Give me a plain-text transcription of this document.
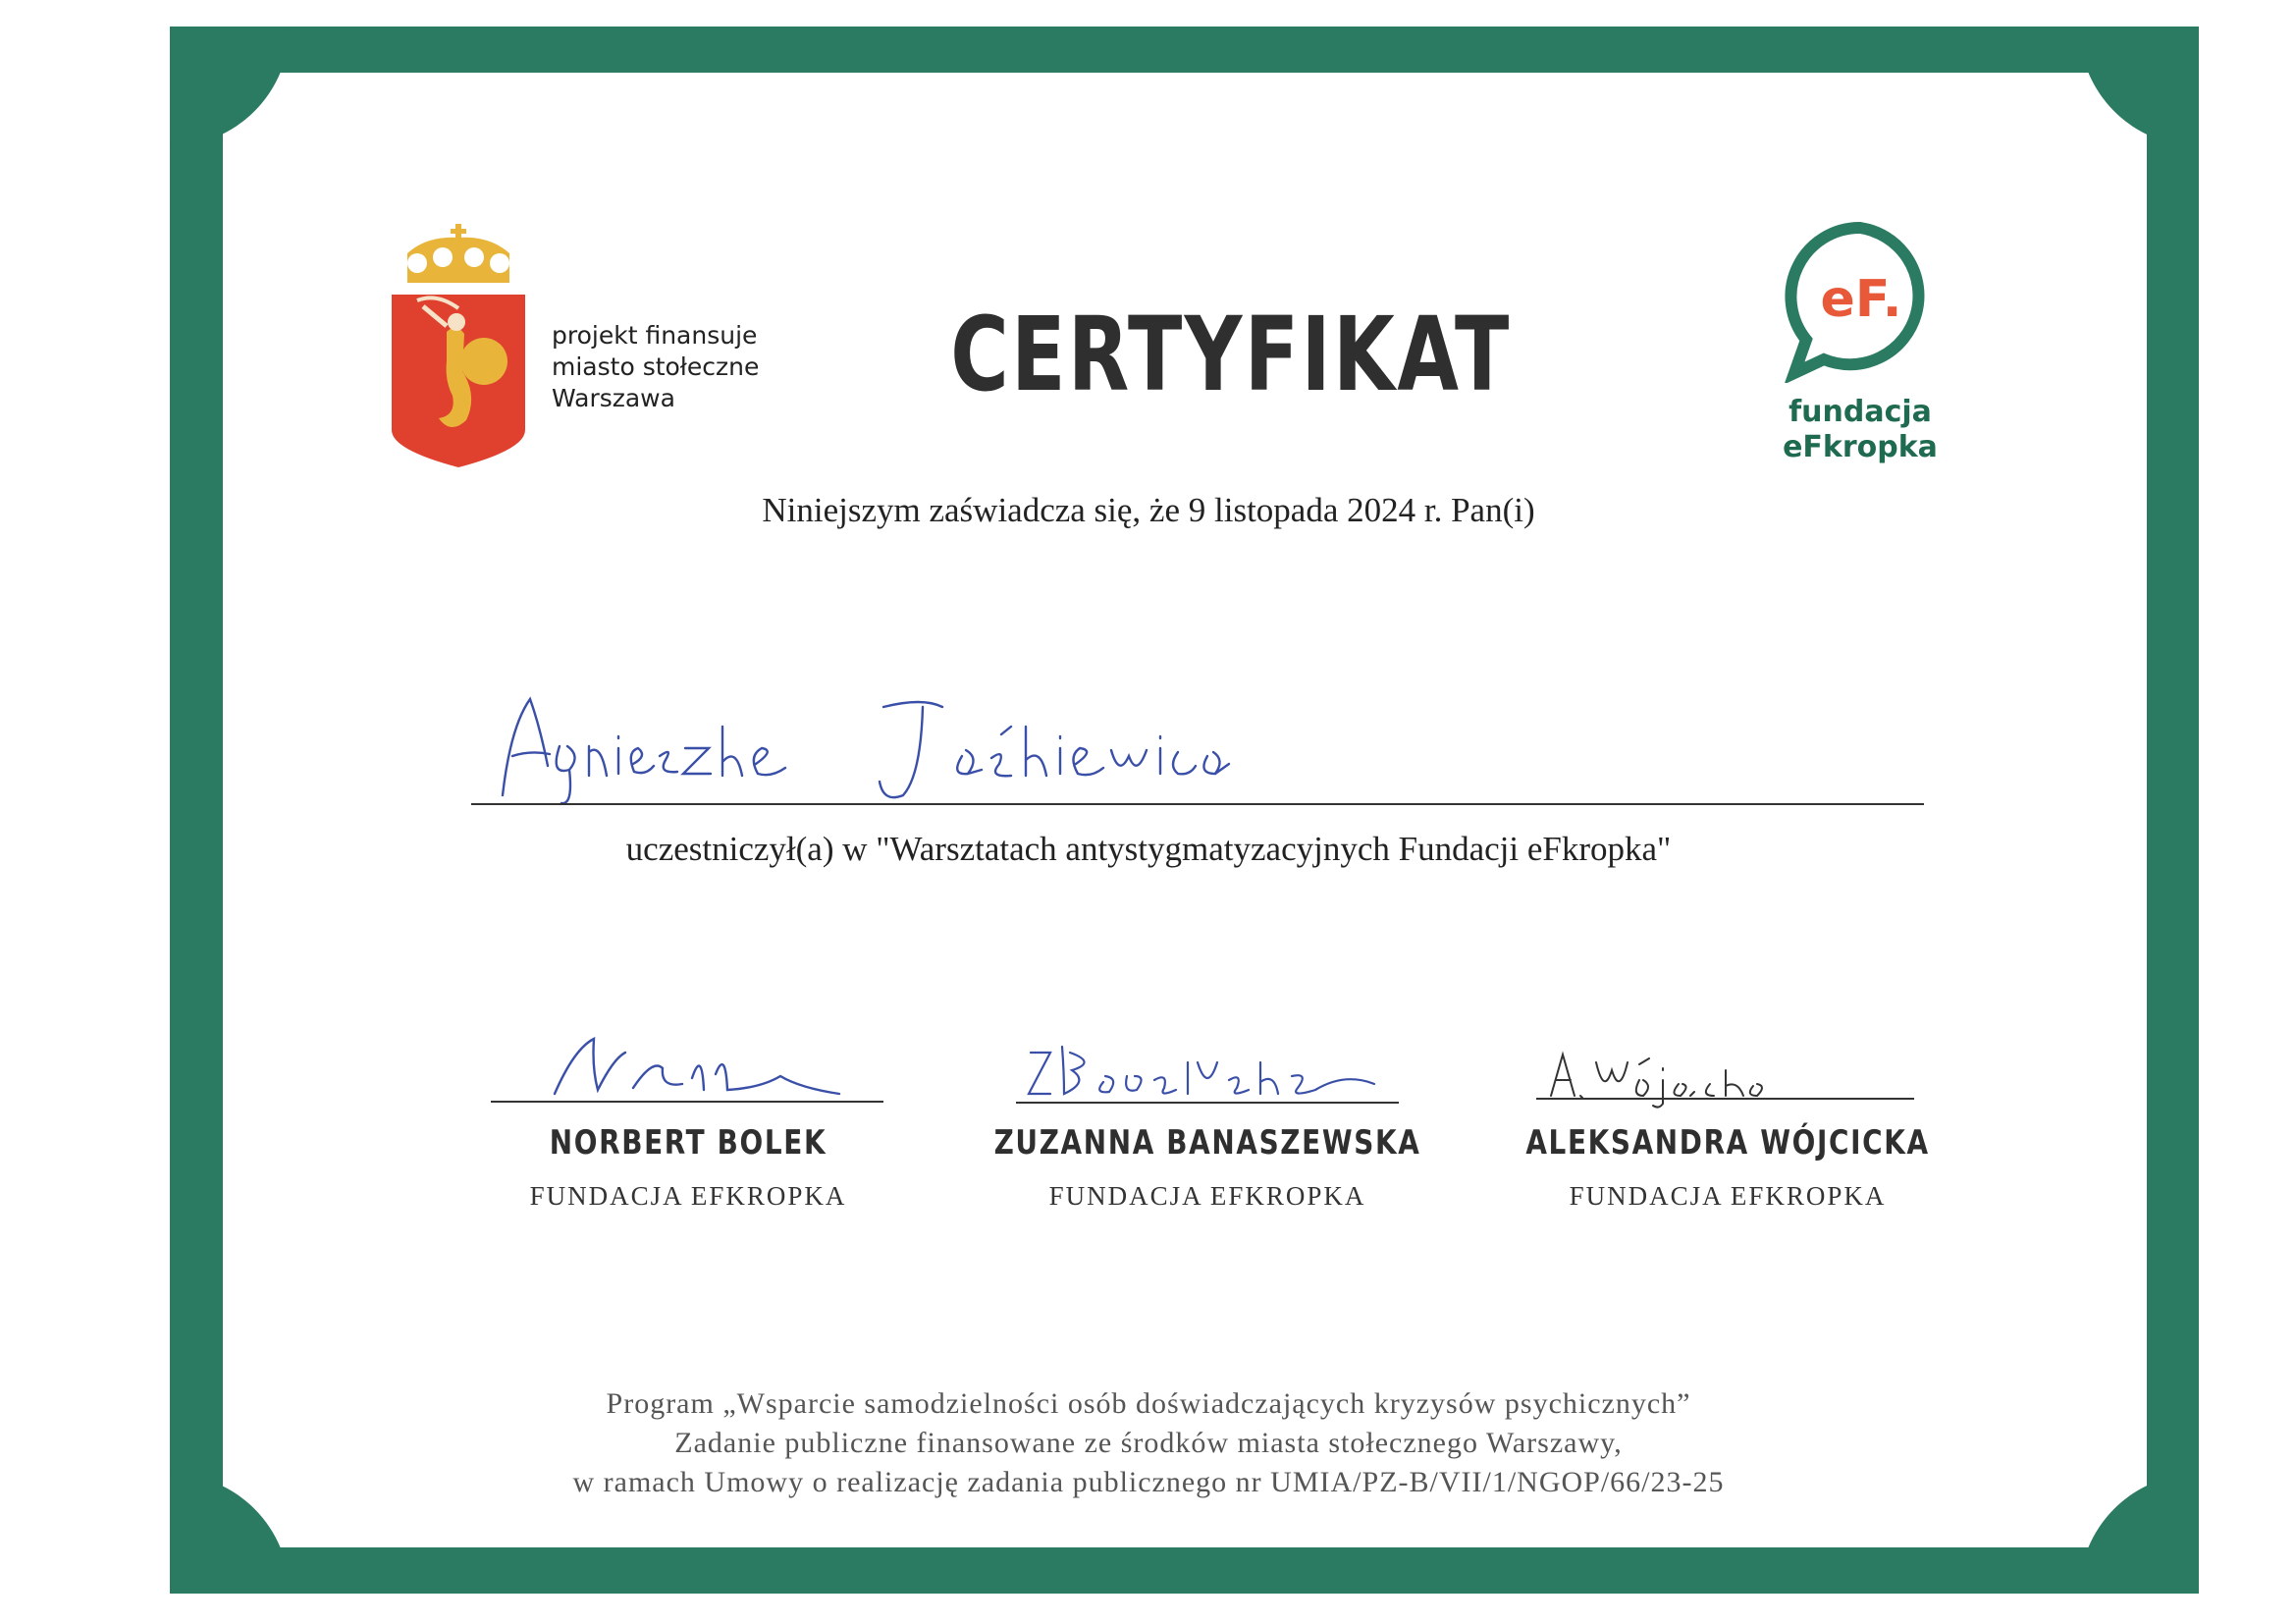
projekt finansuje
miasto stołeczne
Warszawa	CERTYFIKAT	eF.
fundacja
eFkropka
Niniejszym zaświadcza się, że 9 listopada 2024 r. Pan(i)
uczestniczył(a) w "Warsztatach antystygmatyzacyjnych Fundacji eFkropka"
NORBERT BOLEK
FUNDACJA EFKROPKA
ZUZANNA BANASZEWSKA
FUNDACJA EFKROPKA
ALEKSANDRA WÓJCICKA
FUNDACJA EFKROPKA
Program „Wsparcie samodzielności osób doświadczających kryzysów psychicznych”
Zadanie publiczne finansowane ze środków miasta stołecznego Warszawy,
w ramach Umowy o realizację zadania publicznego nr UMIA/PZ-B/VII/1/NGOP/66/23-25
